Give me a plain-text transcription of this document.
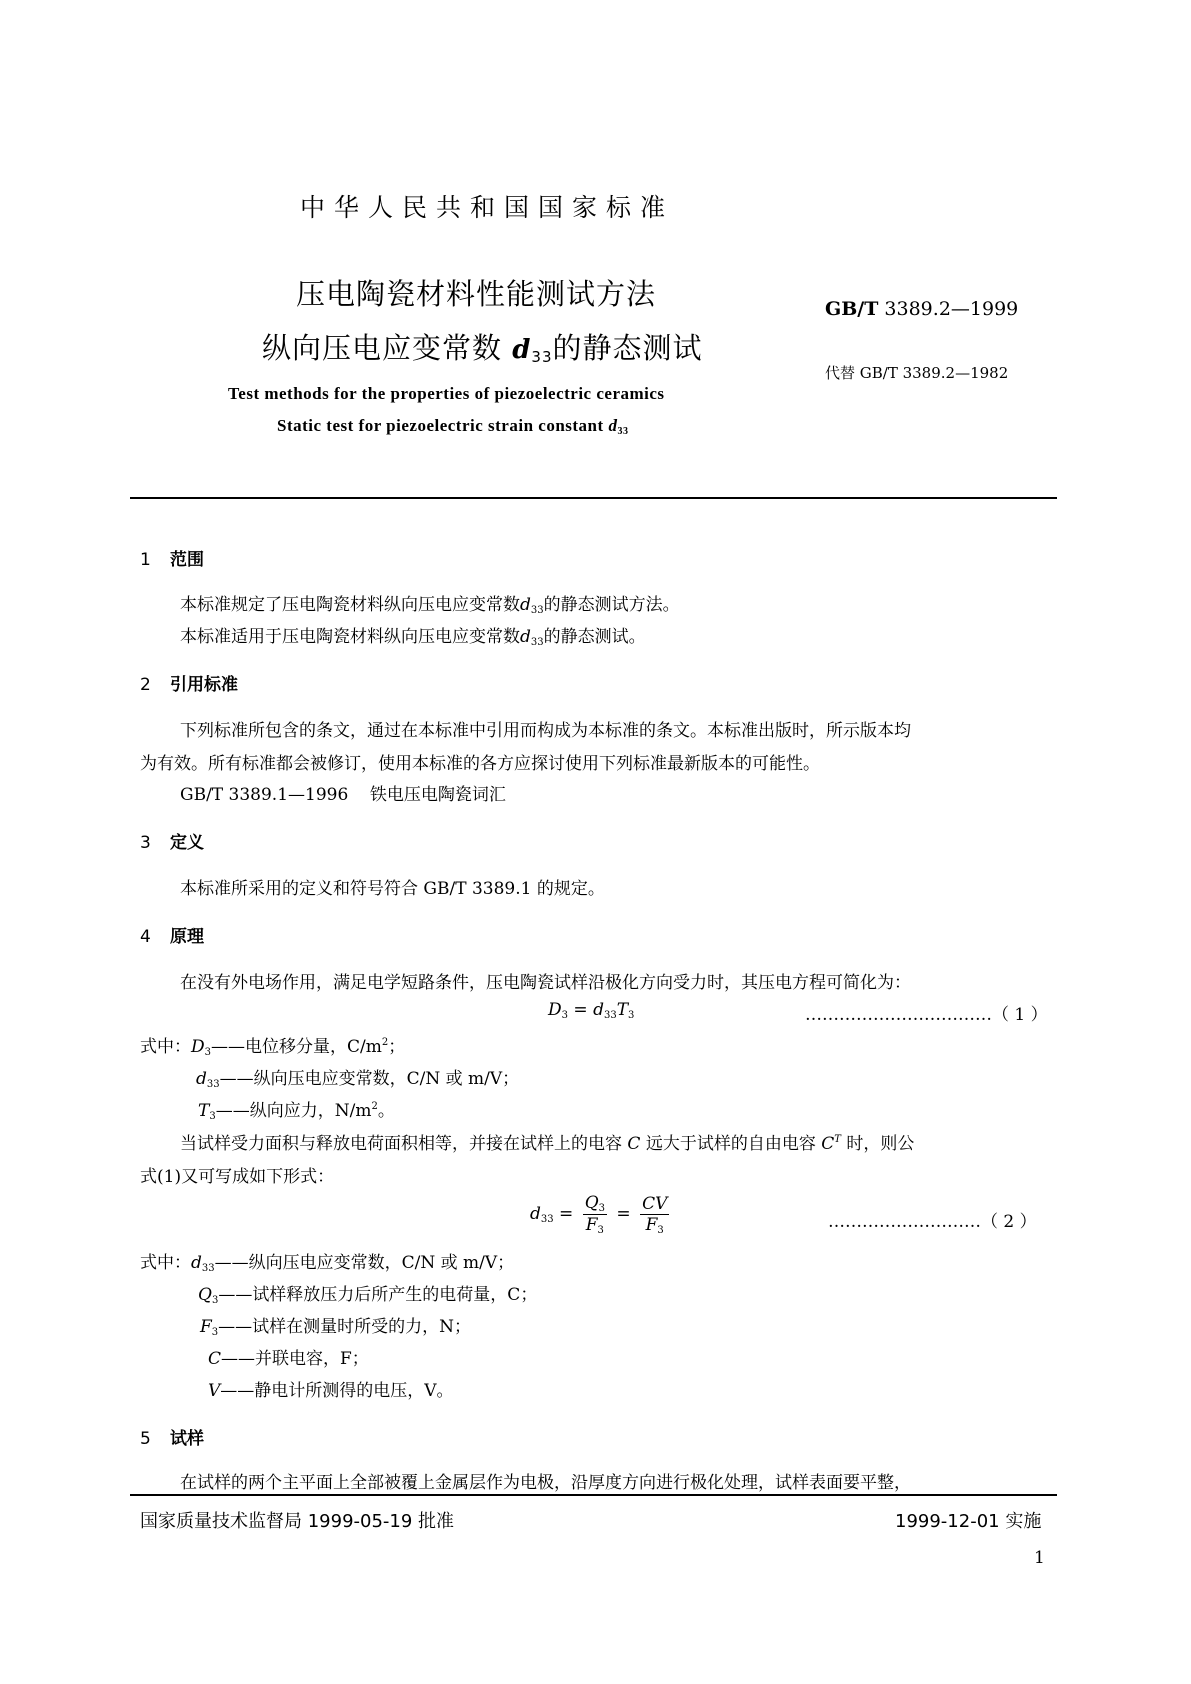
中华人民共和国国家标准
压电陶瓷材料性能测试方法
纵向压电应变常数 $d_{33}$的静态测试
GB/T 3389.2—1999
代替 GB/T 3389.2—1982
Test methods for the properties of piezoelectric ceramics
Static test for piezoelectric strain constant d33
1 范围
本标准规定了压电陶瓷材料纵向压电应变常数d33的静态测试方法。
本标准适用于压电陶瓷材料纵向压电应变常数d33的静态测试。
2 引用标准
下列标准所包含的条文，通过在本标准中引用而构成为本标准的条文。本标准出版时，所示版本均
为有效。所有标准都会被修订，使用本标准的各方应探讨使用下列标准最新版本的可能性。
GB/T 3389.1—1996 铁电压电陶瓷词汇
3 定义
本标准所采用的定义和符号符合 GB/T 3389.1 的规定。
4 原理
在没有外电场作用，满足电学短路条件，压电陶瓷试样沿极化方向受力时，其压电方程可简化为：
D3 = d33T3	……………………………（ 1 ）
式中：D3——电位移分量，$C/m^2$；
d33——纵向压电应变常数，C/N 或 m/V；
T3——纵向应力，$N/m^2$。
当试样受力面积与释放电荷面积相等，并接在试样上的电容 C 远大于试样的自由电容 $C^T$ 时，则公
式(1)又可写成如下形式：
$d33 = \frac{Q3}{F3} = \frac{CV}{F3}$	………………………（ 2 ）
式中：d33——纵向压电应变常数，C/N 或 m/V；
Q3——试样释放压力后所产生的电荷量，C；
F3——试样在测量时所受的力，N；
C——并联电容，F；
V——静电计所测得的电压，V。
5 试样
在试样的两个主平面上全部被覆上金属层作为电极，沿厚度方向进行极化处理，试样表面要平整，
国家质量技术监督局 1999-05-19 批准	1999-12-01 实施
1
